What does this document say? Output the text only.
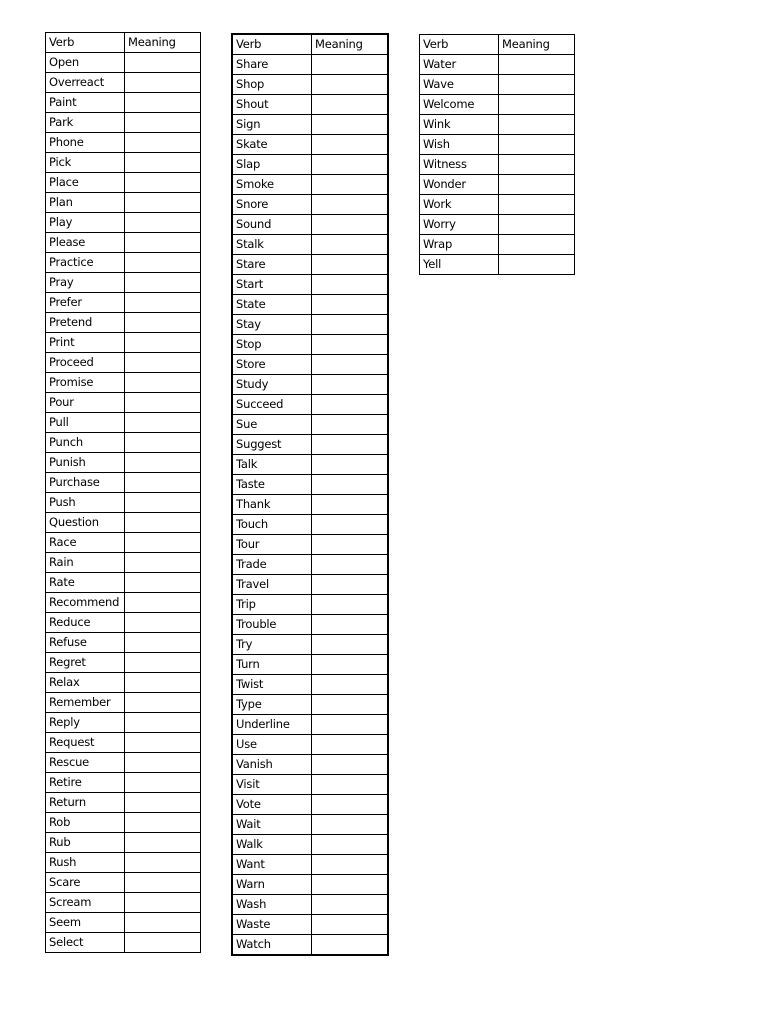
Verb	Meaning
Open	
Overreact	
Paint	
Park	
Phone	
Pick	
Place	
Plan	
Play	
Please	
Practice	
Pray	
Prefer	
Pretend	
Print	
Proceed	
Promise	
Pour	
Pull	
Punch	
Punish	
Purchase	
Push	
Question	
Race	
Rain	
Rate	
Recommend	
Reduce	
Refuse	
Regret	
Relax	
Remember	
Reply	
Request	
Rescue	
Retire	
Return	
Rob	
Rub	
Rush	
Scare	
Scream	
Seem	
Select	
Verb	Meaning
Share	
Shop	
Shout	
Sign	
Skate	
Slap	
Smoke	
Snore	
Sound	
Stalk	
Stare	
Start	
State	
Stay	
Stop	
Store	
Study	
Succeed	
Sue	
Suggest	
Talk	
Taste	
Thank	
Touch	
Tour	
Trade	
Travel	
Trip	
Trouble	
Try	
Turn	
Twist	
Type	
Underline	
Use	
Vanish	
Visit	
Vote	
Wait	
Walk	
Want	
Warn	
Wash	
Waste	
Watch	
Verb	Meaning
Water	
Wave	
Welcome	
Wink	
Wish	
Witness	
Wonder	
Work	
Worry	
Wrap	
Yell	
